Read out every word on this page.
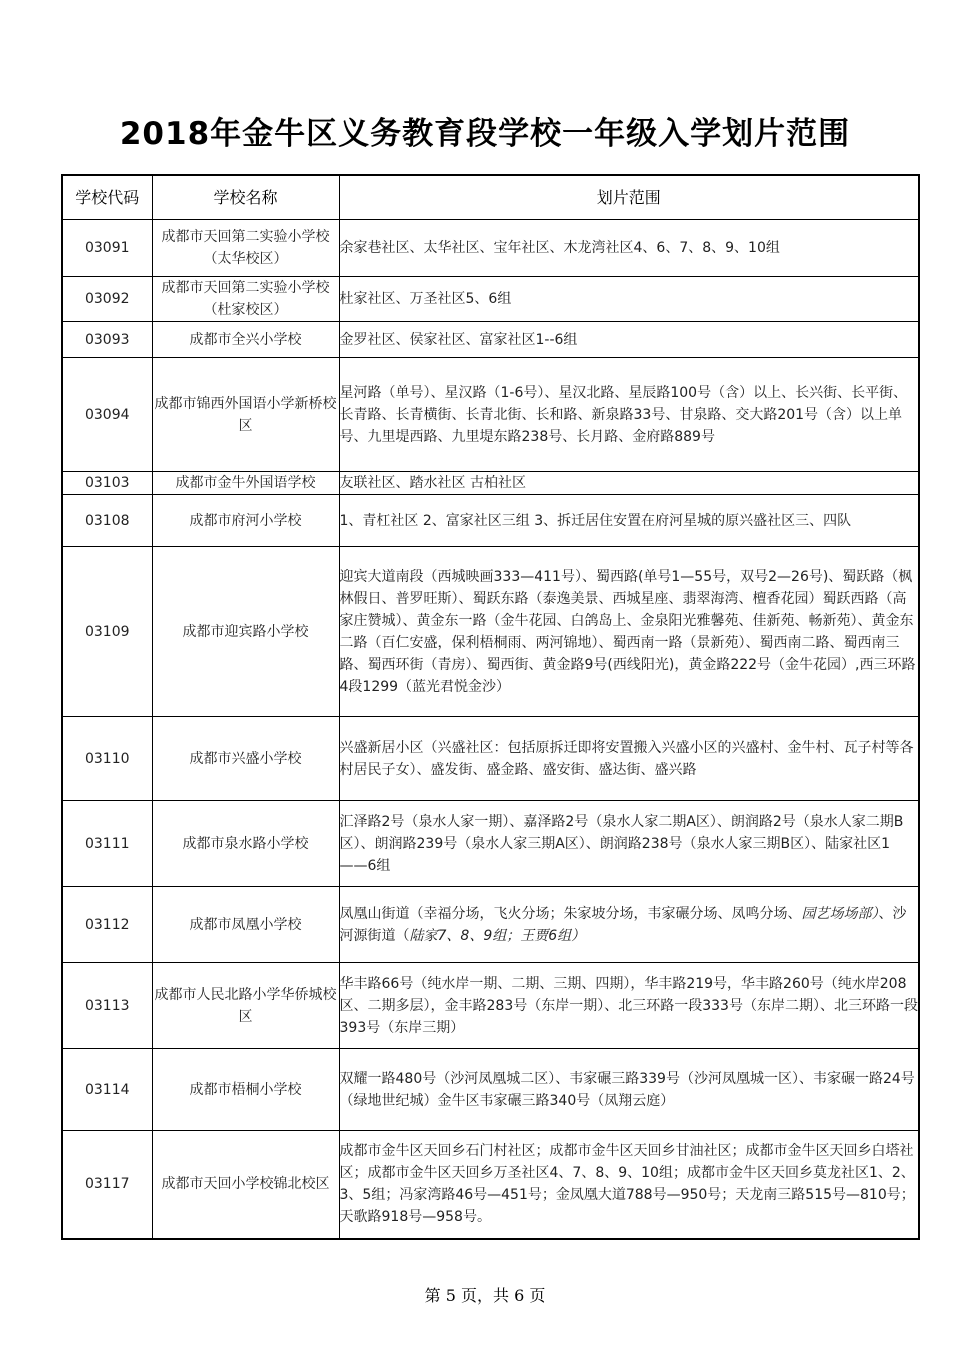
2018年金牛区义务教育段学校一年级入学划片范围
学校代码	学校名称	划片范围
03091	成都市天回第二实验小学校（太华校区）	余家巷社区、太华社区、宝年社区、木龙湾社区4、6、7、8、9、10组
03092	成都市天回第二实验小学校（杜家校区）	杜家社区、万圣社区5、6组
03093	成都市全兴小学校	金罗社区、侯家社区、富家社区1--6组
03094	成都市锦西外国语小学新桥校区	星河路（单号）、星汉路（1-6号）、星汉北路、星辰路100号（含）以上、长兴街、长平街、长青路、长青横街、长青北街、长和路、新泉路33号、甘泉路、交大路201号（含）以上单号、九里堤西路、九里堤东路238号、长月路、金府路889号
03103	成都市金牛外国语学校	友联社区、踏水社区 古柏社区
03108	成都市府河小学校	1、青杠社区 2、富家社区三组 3、拆迁居住安置在府河星城的原兴盛社区三、四队
03109	成都市迎宾路小学校	迎宾大道南段（西城映画333—411号）、蜀西路(单号1—55号，双号2—26号)、蜀跃路（枫林假日、普罗旺斯）、蜀跃东路（泰逸美景、西城星座、翡翠海湾、檀香花园）蜀跃西路（高家庄赞城）、黄金东一路（金牛花园、白鸽岛上、金泉阳光雅馨苑、佳新苑、畅新苑）、黄金东二路（百仁安盛，保利梧桐雨、两河锦地）、蜀西南一路（景新苑）、蜀西南二路、蜀西南三路、蜀西环街（青房）、蜀西街、黄金路9号(西线阳光)，黄金路222号（金牛花园）,西三环路4段1299（蓝光君悦金沙）
03110	成都市兴盛小学校	兴盛新居小区（兴盛社区：包括原拆迁即将安置搬入兴盛小区的兴盛村、金牛村、瓦子村等各村居民子女）、盛发街、盛金路、盛安街、盛达街、盛兴路
03111	成都市泉水路小学校	汇泽路2号（泉水人家一期）、嘉泽路2号（泉水人家二期A区）、朗润路2号（泉水人家二期B区）、朗润路239号（泉水人家三期A区）、朗润路238号（泉水人家三期B区）、陆家社区1——6组
03112	成都市凤凰小学校	凤凰山街道（幸福分场，飞火分场；朱家坡分场，韦家碾分场、凤鸣分场、园艺场场部）、沙河源街道（陆家7、8、9组；王贾6组）
03113	成都市人民北路小学华侨城校区	华丰路66号（纯水岸一期、二期、三期、四期），华丰路219号，华丰路260号（纯水岸208区、二期多层），金丰路283号（东岸一期）、北三环路一段333号（东岸二期）、北三环路一段393号（东岸三期）
03114	成都市梧桐小学校	双耀一路480号（沙河凤凰城二区）、韦家碾三路339号（沙河凤凰城一区）、韦家碾一路24号（绿地世纪城）金牛区韦家碾三路340号（凤翔云庭）
03117	成都市天回小学校锦北校区	成都市金牛区天回乡石门村社区；成都市金牛区天回乡甘油社区；成都市金牛区天回乡白塔社区；成都市金牛区天回乡万圣社区4、7、8、9、10组；成都市金牛区天回乡莫龙社区1、2、3、5组；冯家湾路46号—451号；金凤凰大道788号—950号；天龙南三路515号—810号；天歌路918号—958号。
第 5 页，共 6 页
